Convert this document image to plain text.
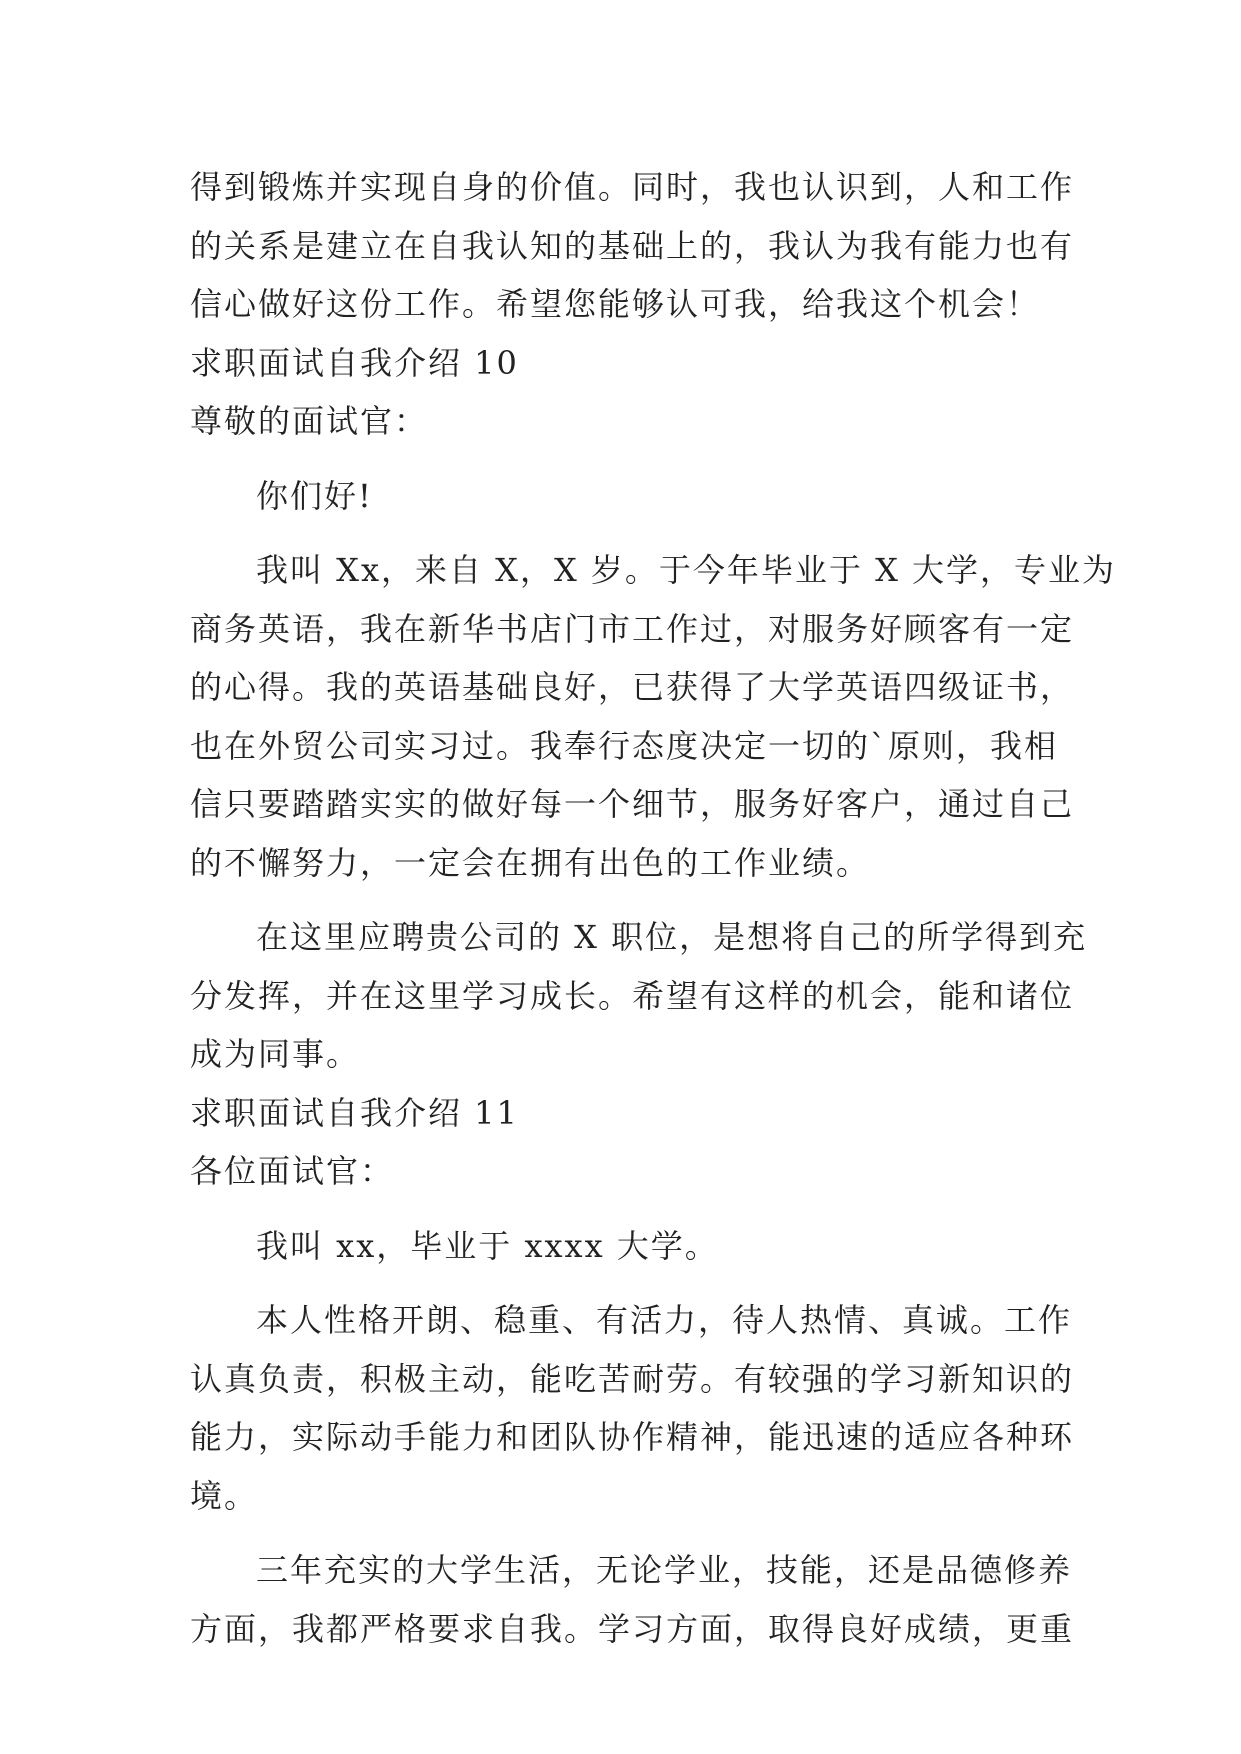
得到锻炼并实现自身的价值。同时，我也认识到，人和工作
的关系是建立在自我认知的基础上的，我认为我有能力也有
信心做好这份工作。希望您能够认可我，给我这个机会！
求职面试自我介绍 10
尊敬的面试官：
你们好!
我叫 Xx，来自 X，X 岁。于今年毕业于 X 大学，专业为
商务英语，我在新华书店门市工作过，对服务好顾客有一定
的心得。我的英语基础良好，已获得了大学英语四级证书，
也在外贸公司实习过。我奉行态度决定一切的`原则，我相
信只要踏踏实实的做好每一个细节，服务好客户，通过自己
的不懈努力，一定会在拥有出色的工作业绩。
在这里应聘贵公司的 X 职位，是想将自己的所学得到充
分发挥，并在这里学习成长。希望有这样的机会，能和诸位
成为同事。
求职面试自我介绍 11
各位面试官：
我叫 xx，毕业于 xxxx 大学。
本人性格开朗、稳重、有活力，待人热情、真诚。工作
认真负责，积极主动，能吃苦耐劳。有较强的学习新知识的
能力，实际动手能力和团队协作精神，能迅速的适应各种环
境。
三年充实的大学生活，无论学业，技能，还是品德修养
方面，我都严格要求自我。学习方面，取得良好成绩，更重
